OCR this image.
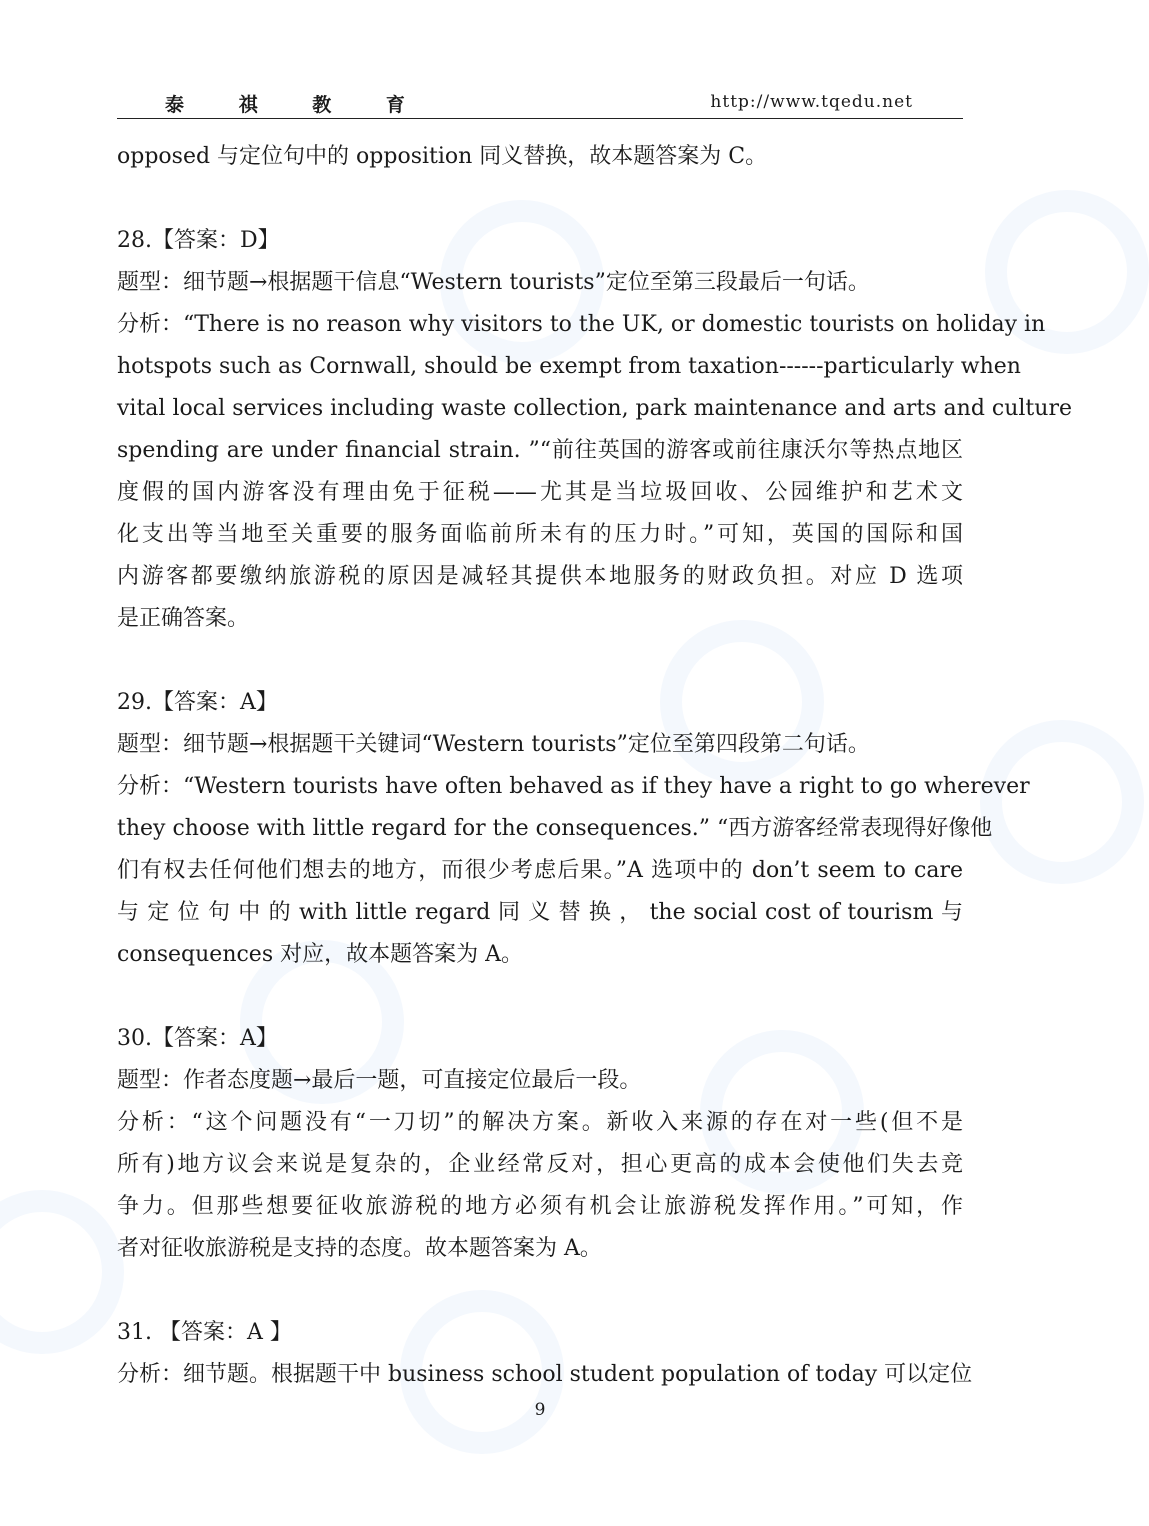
泰 祺 教 育	http://www.tqedu.net
opposed 与定位句中的 opposition 同义替换，故本题答案为 C。
28.【答案：D】
题型：细节题→根据题干信息“Western tourists”定位至第三段最后一句话。
分析：“There is no reason why visitors to the UK, or domestic tourists on holiday in
hotspots such as Cornwall, should be exempt from taxation------particularly when
vital local services including waste collection, park maintenance and arts and culture
spending are under financial strain. ”“前往英国的游客或前往康沃尔等热点地区
度假的国内游客没有理由免于征税——尤其是当垃圾回收、公园维护和艺术文
化支出等当地至关重要的服务面临前所未有的压力时。”可知，英国的国际和国
内游客都要缴纳旅游税的原因是减轻其提供本地服务的财政负担。对应 D 选项
是正确答案。
29.【答案：A】
题型：细节题→根据题干关键词“Western tourists”定位至第四段第二句话。
分析：“Western tourists have often behaved as if they have a right to go wherever
they choose with little regard for the consequences.” “西方游客经常表现得好像他
们有权去任何他们想去的地方，而很少考虑后果。”A 选项中的 don’t seem to care
与 定 位 句 中 的 with little regard 同 义 替 换 ， the social cost of tourism 与
consequences 对应，故本题答案为 A。
30.【答案：A】
题型：作者态度题→最后一题，可直接定位最后一段。
分析：“这个问题没有“一刀切”的解决方案。新收入来源的存在对一些(但不是
所有)地方议会来说是复杂的，企业经常反对，担心更高的成本会使他们失去竞
争力。但那些想要征收旅游税的地方必须有机会让旅游税发挥作用。”可知，作
者对征收旅游税是支持的态度。故本题答案为 A。
31. 【答案：A 】
分析：细节题。根据题干中 business school student population of today 可以定位
9
